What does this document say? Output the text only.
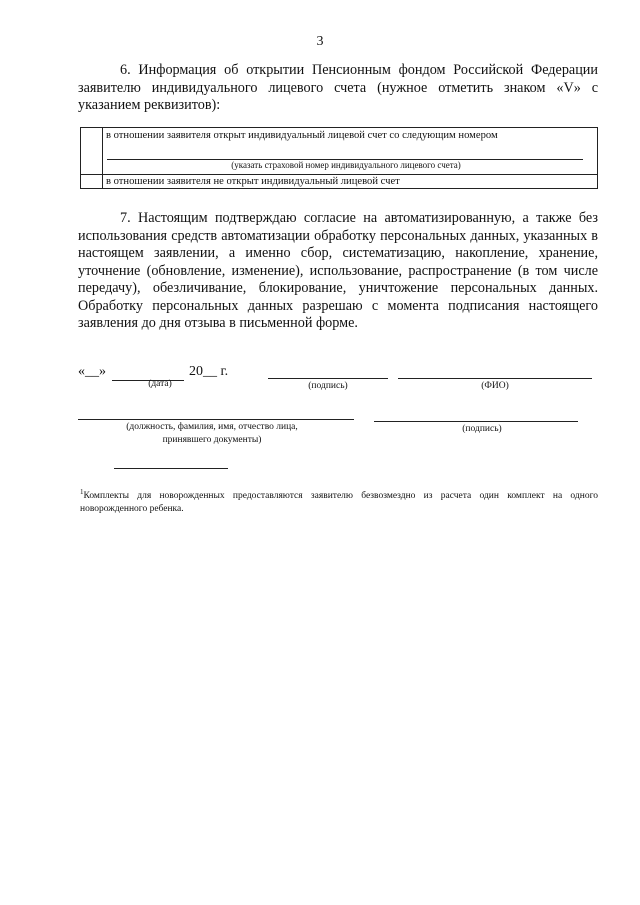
3

6. Информация об открытии Пенсионным фондом Российской Федерации заявителю индивидуального лицевого счета (нужное отметить знаком «V» с указанием реквизитов):

в отношении заявителя открыт индивидуальный лицевой счет со следующим номером
(указать страховой номер индивидуального лицевого счета)
в отношении заявителя не открыт индивидуальный лицевой счет

7. Настоящим подтверждаю согласие на автоматизированную, а также без использования средств автоматизации обработку персональных данных, указанных в настоящем заявлении, а именно сбор, систематизацию, накопление, хранение, уточнение (обновление, изменение), использование, распространение (в том числе передачу), обезличивание, блокирование, уничтожение персональных данных. Обработку персональных данных разрешаю с момента подписания настоящего заявления до дня отзыва в письменной форме.

«__»	20__ г.
(дата)	(подпись)	(ФИО)
(должность, фамилия, имя, отчество лица,
принявшего документы)
(подпись)
$^1$Комплекты для новорожденных предоставляются заявителю безвозмездно из расчета один комплект на одного новорожденного ребенка.
